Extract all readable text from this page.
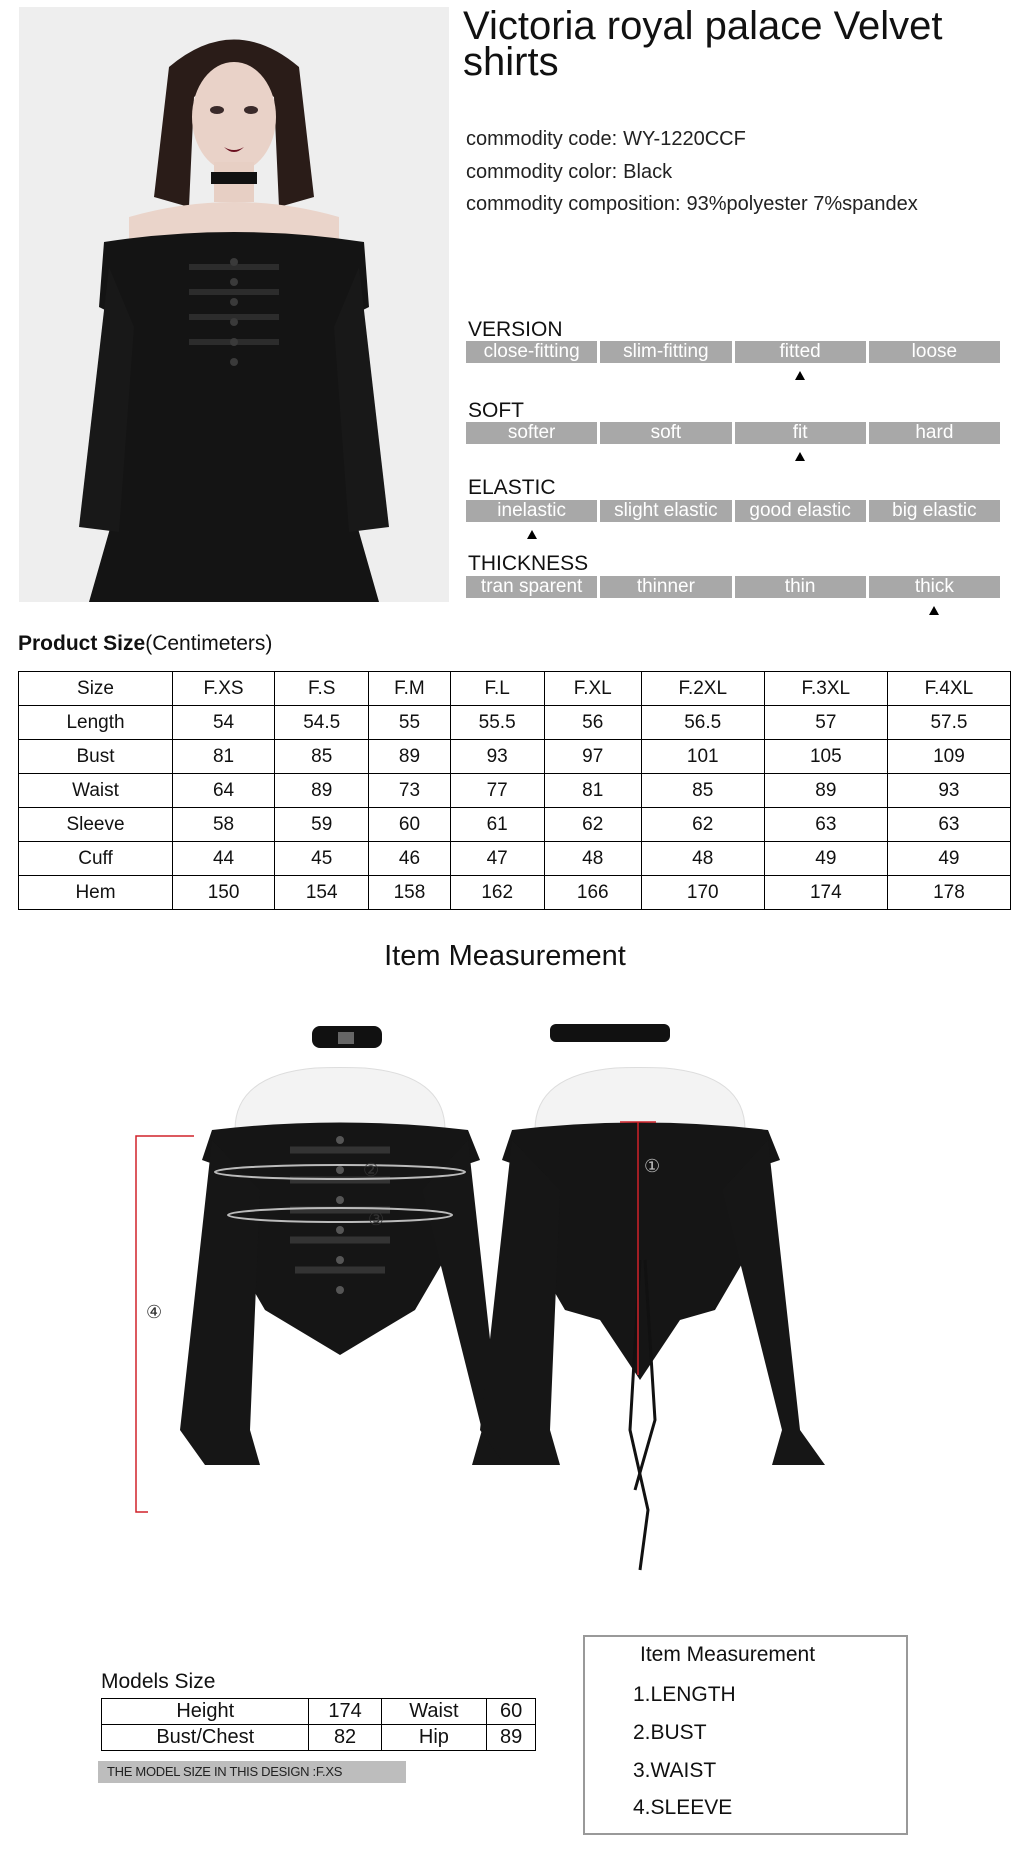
Victoria royal palace Velvet shirts
commodity code: WY-1220CCF
commodity color: Black
commodity composition: 93%polyester 7%spandex
VERSION
close-fitting	slim-fitting	fitted	loose
SOFT
softer	soft	fit	hard
ELASTIC
inelastic	slight elastic	good elastic	big elastic
THICKNESS
tran sparent	thinner	thin	thick
Product Size(Centimeters)
Size	F.XS	F.S	F.M	F.L	F.XL	F.2XL	F.3XL	F.4XL
Length	54	54.5	55	55.5	56	56.5	57	57.5
Bust	81	85	89	93	97	101	105	109
Waist	64	89	73	77	81	85	89	93
Sleeve	58	59	60	61	62	62	63	63
Cuff	44	45	46	47	48	48	49	49
Hem	150	154	158	162	166	170	174	178
Item Measurement
②
③
④
①
Models Size
Height	174	Waist	60
Bust/Chest	82	Hip	89
THE MODEL SIZE IN THIS DESIGN :F.XS
Item Measurement
1.LENGTH
2.BUST
3.WAIST
4.SLEEVE
